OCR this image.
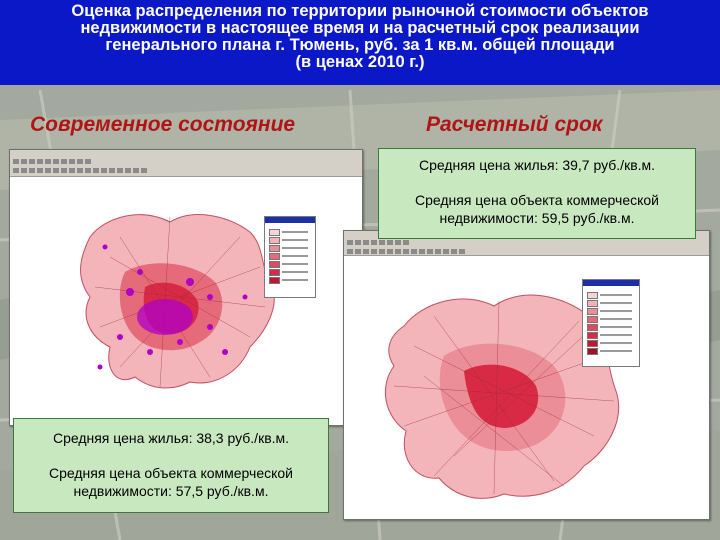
Оценка распределения по территории рыночной стоимости объектов
недвижимости в настоящее время и на расчетный срок реализации
генерального плана г. Тюмень, руб. за 1 кв.м. общей площади
(в ценах 2010 г.)
Современное состояние	Расчетный срок

Средняя цена жилья: 39,7 руб./кв.м.

Средняя цена объекта коммерческой

недвижимости: 59,5 руб./кв.м.

Средняя цена жилья: 38,3 руб./кв.м.

Средняя цена объекта коммерческой

недвижимости: 57,5 руб./кв.м.
